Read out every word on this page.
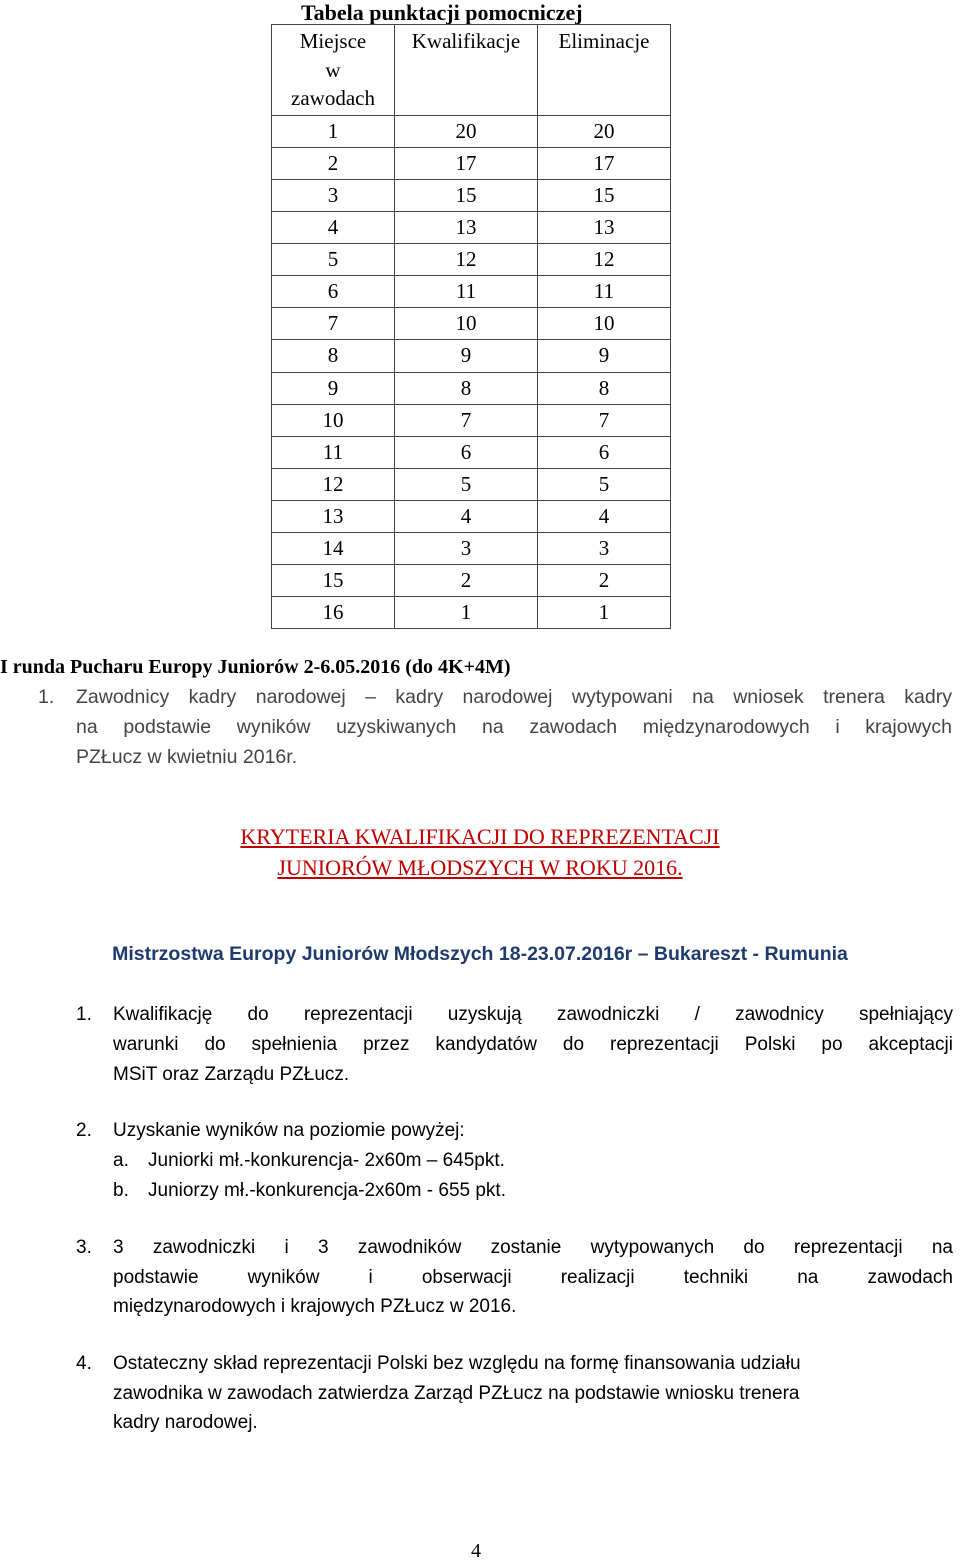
Tabela punktacji pomocniczej
Miejsce
w
zawodach	Kwalifikacje	Eliminacje
1	20	20
2	17	17
3	15	15
4	13	13
5	12	12
6	11	11
7	10	10
8	9	9
9	8	8
10	7	7
11	6	6
12	5	5
13	4	4
14	3	3
15	2	2
16	1	1
I runda Pucharu Europy Juniorów 2-6.05.2016 (do 4K+4M)
1. Zawodnicy kadry narodowej – kadry narodowej wytypowani na wniosek trenera kadry
na podstawie wyników uzyskiwanych na zawodach międzynarodowych i krajowych
PZŁucz w kwietniu 2016r.
KRYTERIA KWALIFIKACJI DO REPREZENTACJI
JUNIORÓW MŁODSZYCH W ROKU 2016.
Mistrzostwa Europy Juniorów Młodszych 18-23.07.2016r – Bukareszt - Rumunia
1. Kwalifikację do reprezentacji uzyskują zawodniczki / zawodnicy spełniający
warunki do spełnienia przez kandydatów do reprezentacji Polski po akceptacji
MSiT oraz Zarządu PZŁucz.
2. Uzyskanie wyników na poziomie powyżej:
a. Juniorki mł.-konkurencja- 2x60m – 645pkt.
b. Juniorzy mł.-konkurencja-2x60m - 655 pkt.
3. 3 zawodniczki i 3 zawodników zostanie wytypowanych do reprezentacji na
podstawie wyników i obserwacji realizacji techniki na zawodach
międzynarodowych i krajowych PZŁucz w 2016.
4. Ostateczny skład reprezentacji Polski bez względu na formę finansowania udziału
zawodnika w zawodach zatwierdza Zarząd PZŁucz na podstawie wniosku trenera
kadry narodowej.
4
